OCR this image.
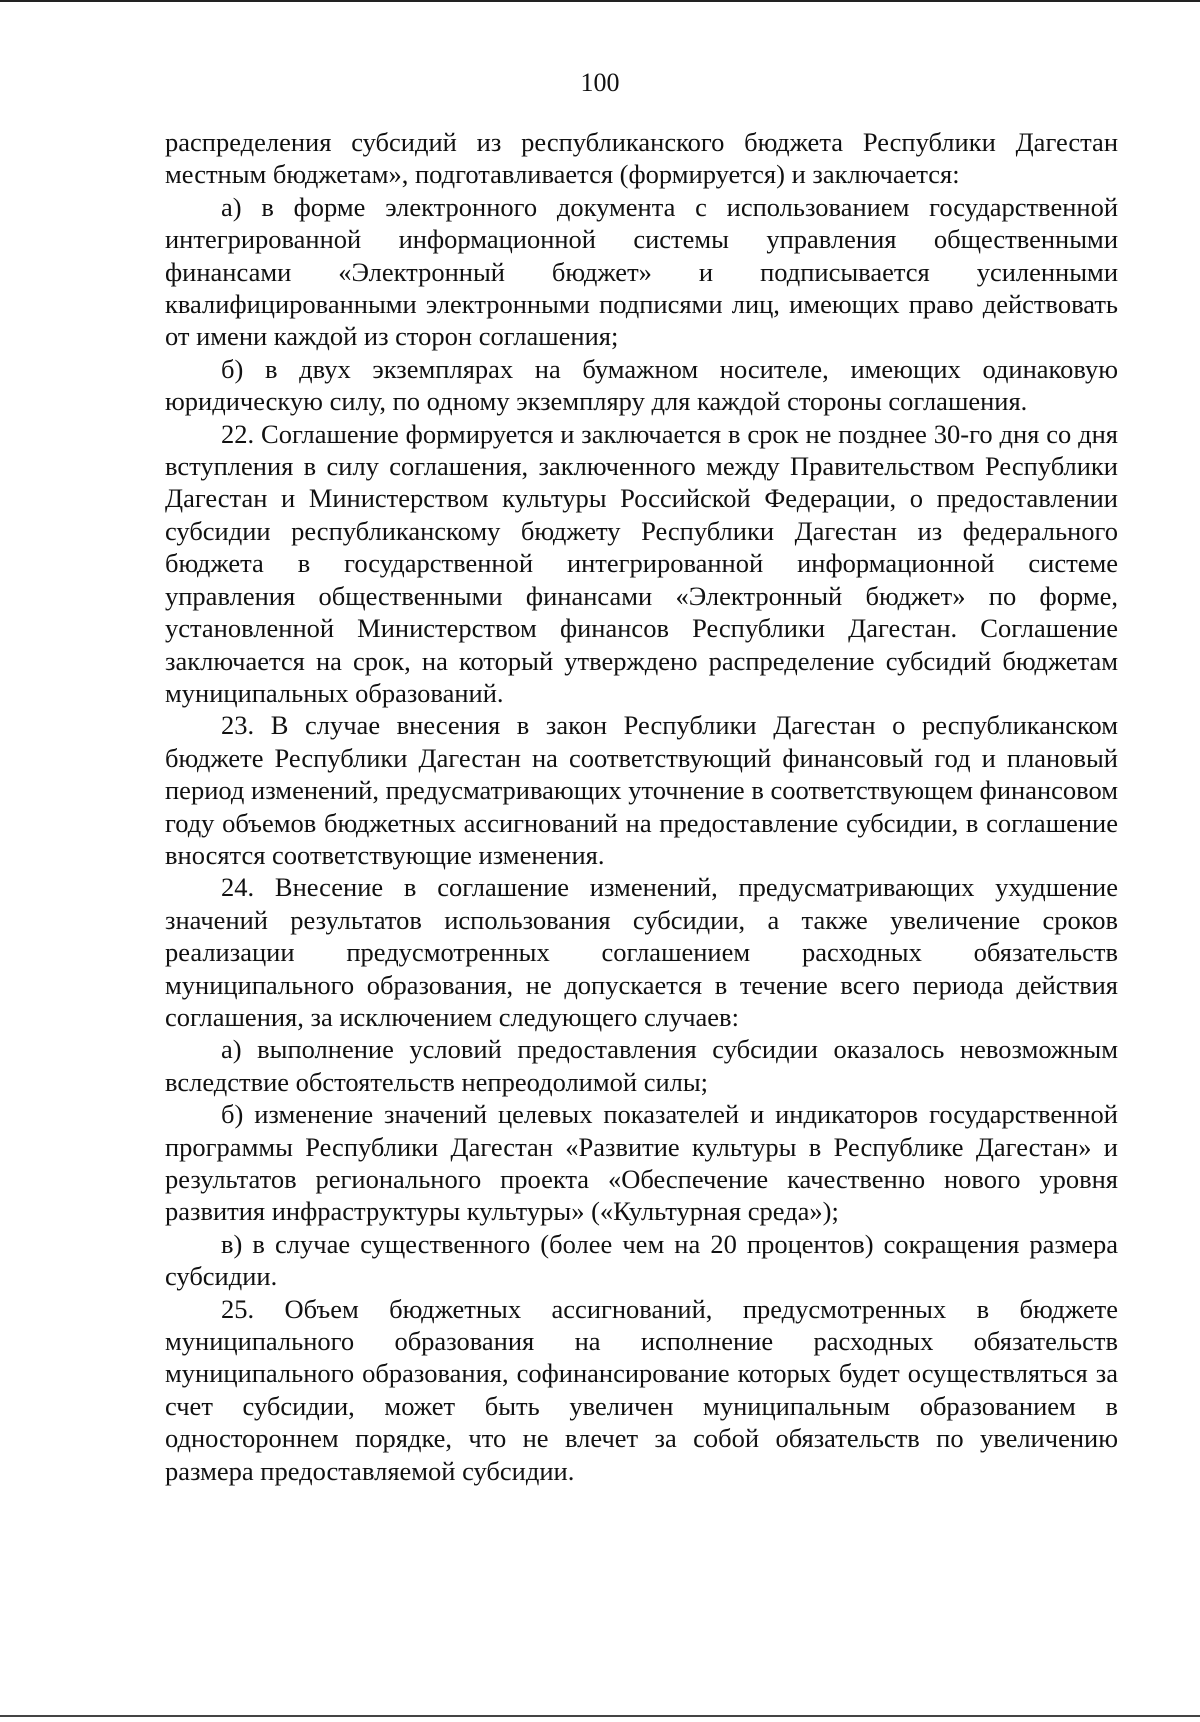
100

распределения субсидий из республиканского бюджета Республики Дагестан местным бюджетам», подготавливается (формируется) и заключается:

а) в форме электронного документа с использованием государственной интегрированной информационной системы управления общественными финансами «Электронный бюджет» и подписывается усиленными квалифицированными электронными подписями лиц, имеющих право действовать от имени каждой из сторон соглашения;

б) в двух экземплярах на бумажном носителе, имеющих одинаковую юридическую силу, по одному экземпляру для каждой стороны соглашения.

22. Соглашение формируется и заключается в срок не позднее 30-го дня со дня вступления в силу соглашения, заключенного между Правительством Республики Дагестан и Министерством культуры Российской Федерации, о предоставлении субсидии республиканскому бюджету Республики Дагестан из федерального бюджета в государственной интегрированной информационной системе управления общественными финансами «Электронный бюджет» по форме, установленной Министерством финансов Республики Дагестан. Соглашение заключается на срок, на который утверждено распределение субсидий бюджетам муниципальных образований.

23. В случае внесения в закон Республики Дагестан о республиканском бюджете Республики Дагестан на соответствующий финансовый год и плановый период изменений, предусматривающих уточнение в соответствующем финансовом году объемов бюджетных ассигнований на предоставление субсидии, в соглашение вносятся соответствующие изменения.

24. Внесение в соглашение изменений, предусматривающих ухудшение значений результатов использования субсидии, а также увеличение сроков реализации предусмотренных соглашением расходных обязательств муниципального образования, не допускается в течение всего периода действия соглашения, за исключением следующего случаев:

а) выполнение условий предоставления субсидии оказалось невозможным вследствие обстоятельств непреодолимой силы;

б) изменение значений целевых показателей и индикаторов государственной программы Республики Дагестан «Развитие культуры в Республике Дагестан» и результатов регионального проекта «Обеспечение качественно нового уровня развития инфраструктуры культуры» («Культурная среда»);

в) в случае существенного (более чем на 20 процентов) сокращения размера субсидии.

25. Объем бюджетных ассигнований, предусмотренных в бюджете муниципального образования на исполнение расходных обязательств муниципального образования, софинансирование которых будет осуществляться за счет субсидии, может быть увеличен муниципальным образованием в одностороннем порядке, что не влечет за собой обязательств по увеличению размера предоставляемой субсидии.
